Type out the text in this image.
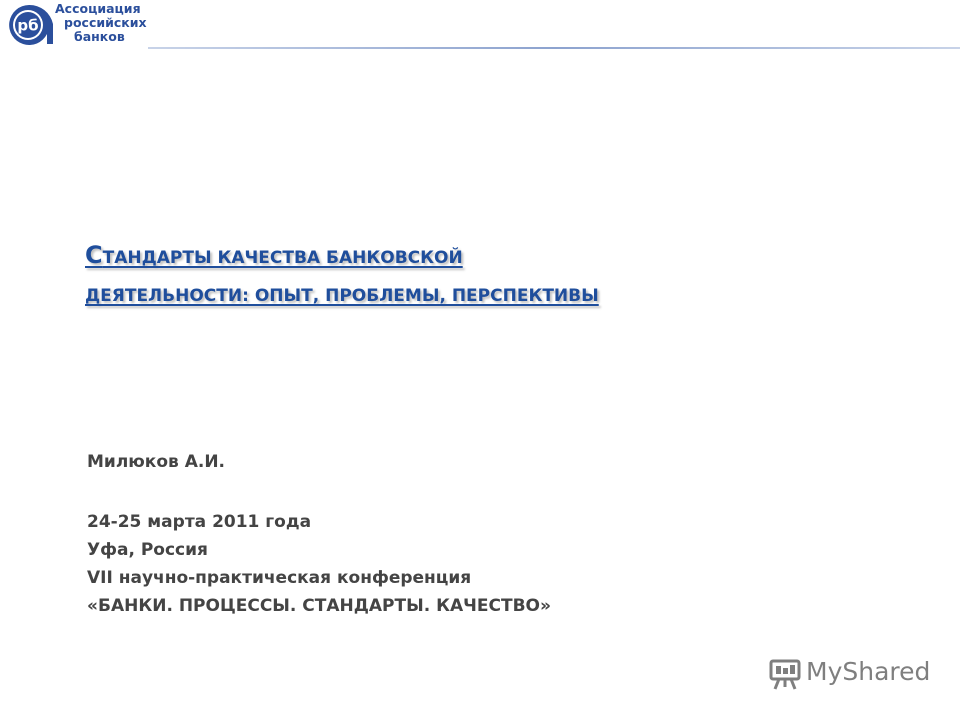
рб
Ассоциация
российских
банков
СТАНДАРТЫ КАЧЕСТВА БАНКОВСКОЙ
ДЕЯТЕЛЬНОСТИ: ОПЫТ, ПРОБЛЕМЫ, ПЕРСПЕКТИВЫ
Милюков А.И.
24-25 марта 2011 года
Уфа, Россия
VII научно-практическая конференция
«БАНКИ. ПРОЦЕССЫ. СТАНДАРТЫ. КАЧЕСТВО»
MyShared
